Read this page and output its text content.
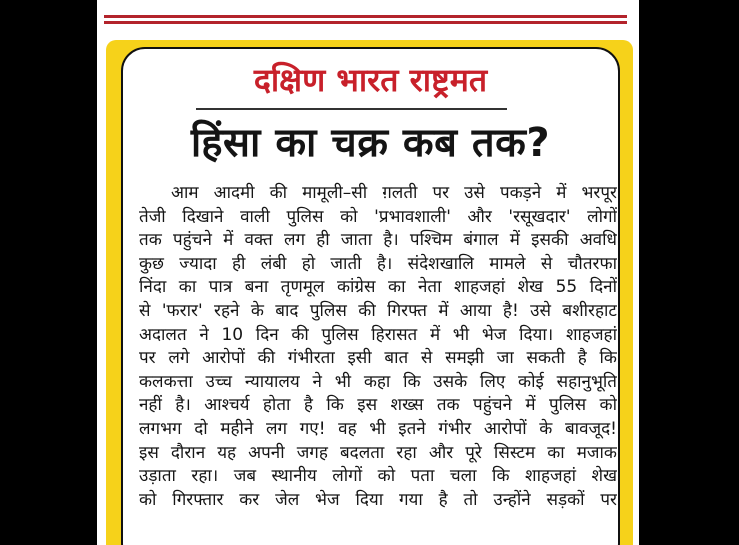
दक्षिण भारत राष्ट्रमत
हिंसा का चक्र कब तक?
आम आदमी की मामूली–सी ग़लती पर उसे पकड़ने में भरपूर
तेजी दिखाने वाली पुलिस को 'प्रभावशाली' और 'रसूखदार' लोगों
तक पहुंचने में वक्त लग ही जाता है। पश्चिम बंगाल में इसकी अवधि
कुछ ज्यादा ही लंबी हो जाती है। संदेशखालि मामले से चौतरफा
निंदा का पात्र बना तृणमूल कांग्रेस का नेता शाहजहां शेख 55 दिनों
से 'फरार' रहने के बाद पुलिस की गिरफ्त में आया है! उसे बशीरहाट
अदालत ने 10 दिन की पुलिस हिरासत में भी भेज दिया। शाहजहां
पर लगे आरोपों की गंभीरता इसी बात से समझी जा सकती है कि
कलकत्ता उच्च न्यायालय ने भी कहा कि उसके लिए कोई सहानुभूति
नहीं है। आश्चर्य होता है कि इस शख्स तक पहुंचने में पुलिस को
लगभग दो महीने लग गए! वह भी इतने गंभीर आरोपों के बावजूद!
इस दौरान यह अपनी जगह बदलता रहा और पूरे सिस्टम का मजाक
उड़ाता रहा। जब स्थानीय लोगों को पता चला कि शाहजहां शेख
को गिरफ्तार कर जेल भेज दिया गया है तो उन्होंने सड़कों पर
